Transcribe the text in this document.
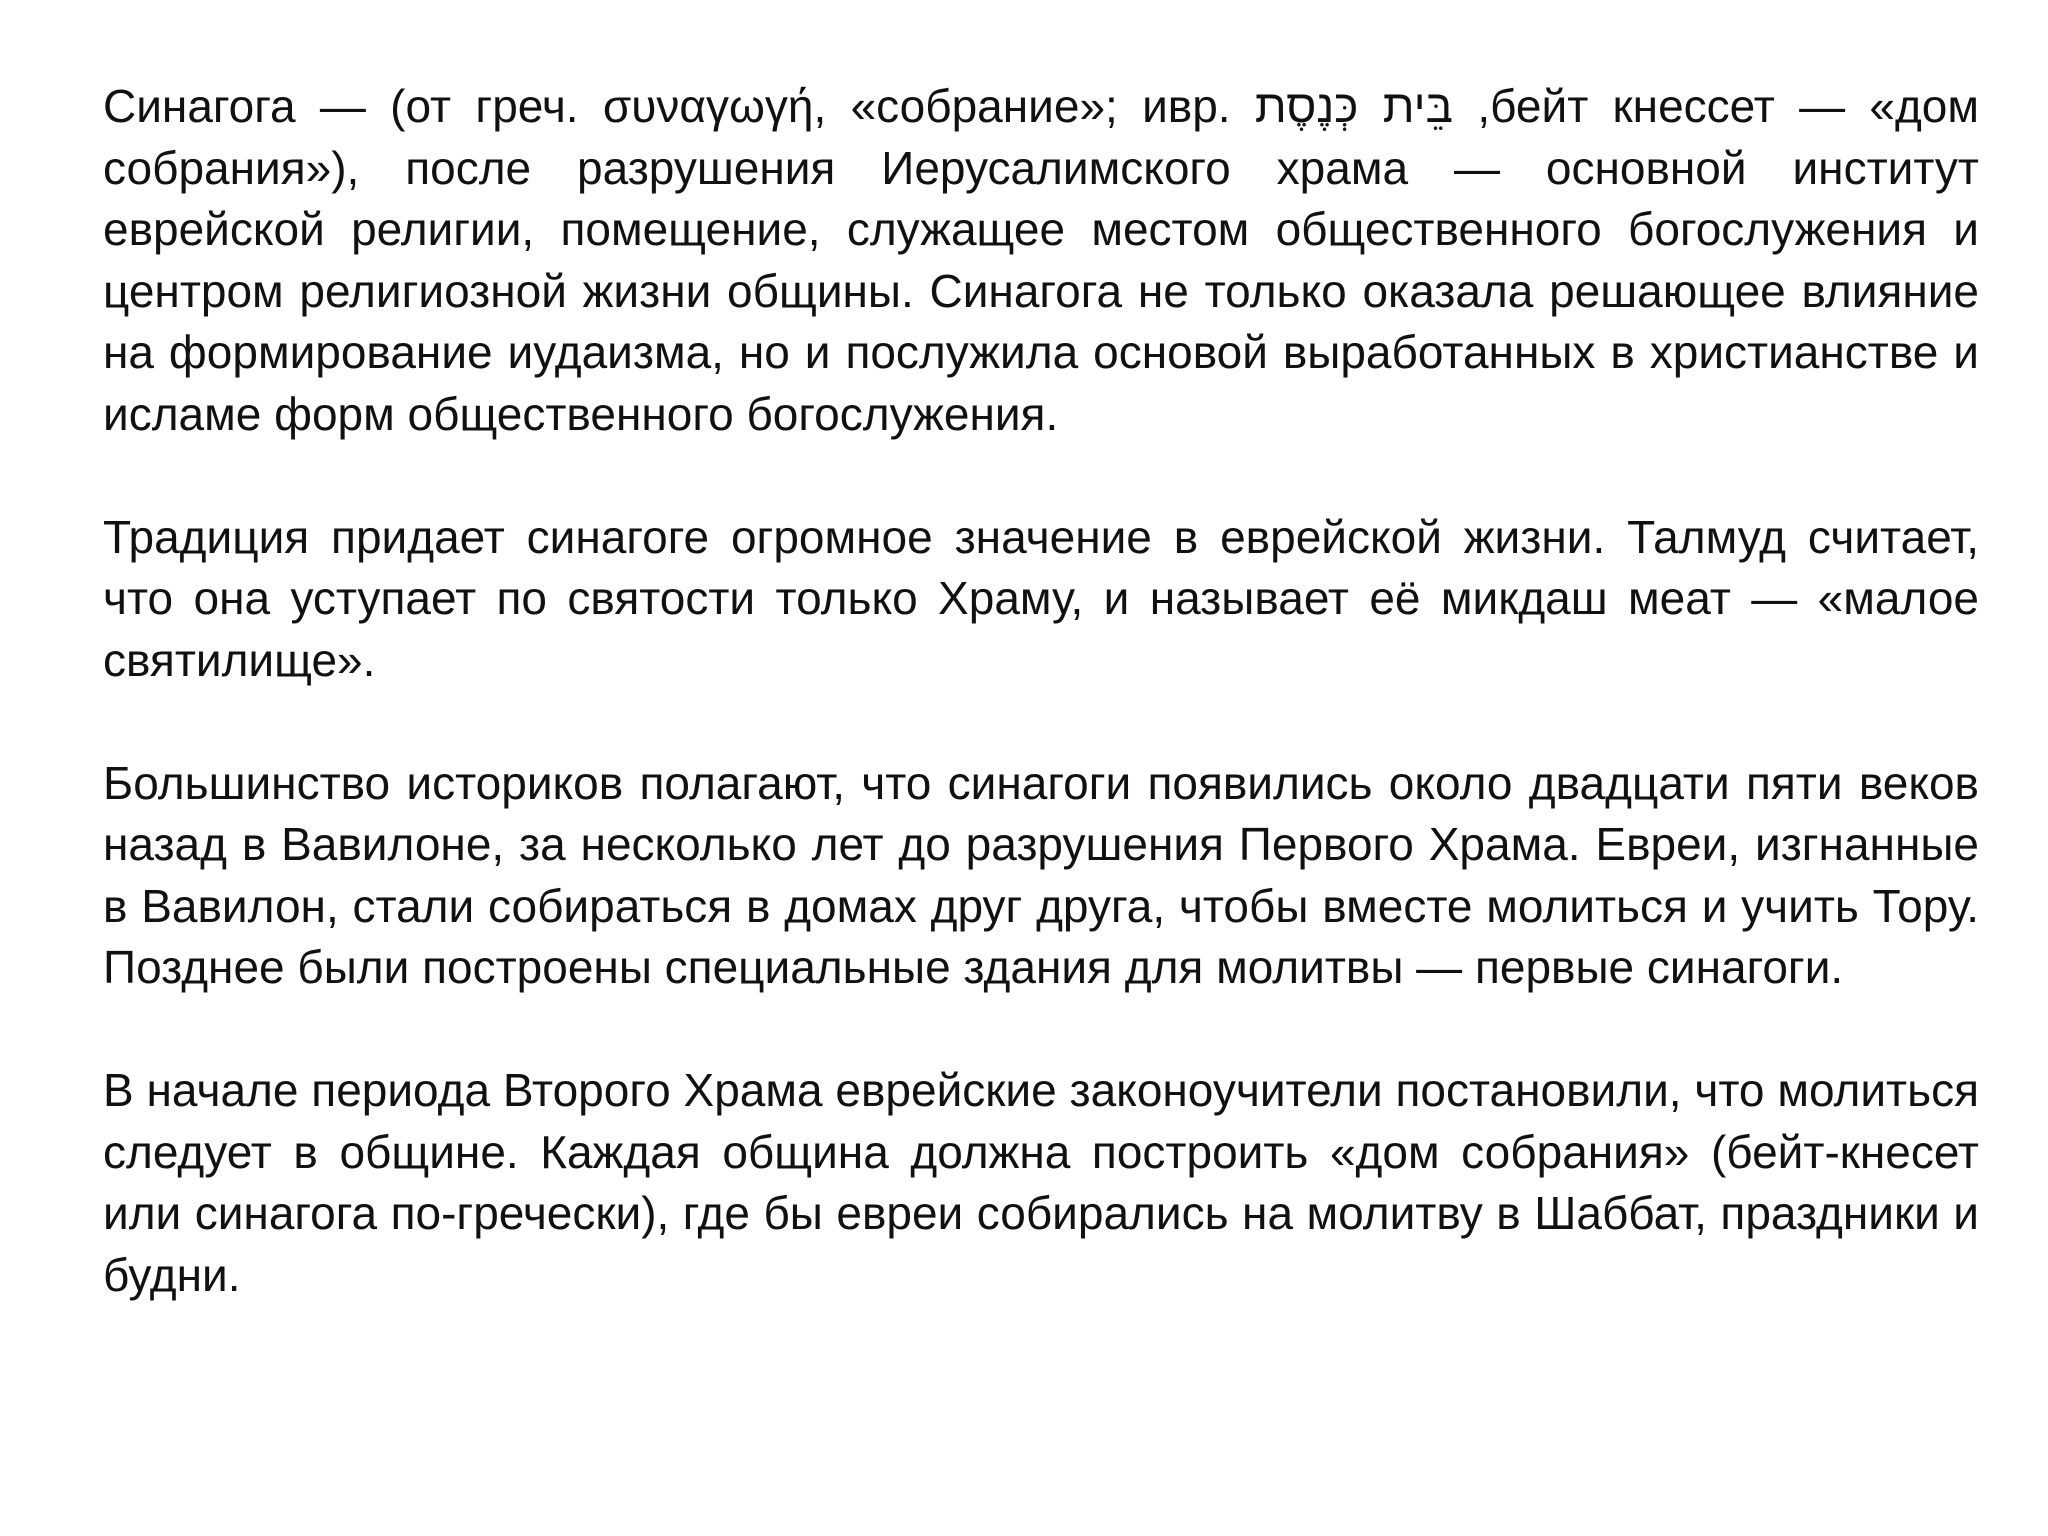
Синагога — (от греч. συναγωγή, «собрание»; ивр. ‏בֵּית כְּנֶסֶת‏ ,бейт кнессет — «дом собрания»), после разрушения Иерусалимского храма — основной институт еврейской религии, помещение, служащее местом общественного богослужения и центром религиозной жизни общины. Синагога не только оказала решающее влияние на формирование иудаизма, но и послужила основой выработанных в христианстве и исламе форм общественного богослужения.

Традиция придает синагоге огромное значение в еврейской жизни. Талмуд считает, что она уступает по святости только Храму, и называет её микдаш меат — «малое святилище».

Большинство историков полагают, что синагоги появились около двадцати пяти веков назад в Вавилоне, за несколько лет до разрушения Первого Храма. Евреи, изгнанные в Вавилон, стали собираться в домах друг друга, чтобы вместе молиться и учить Тору. Позднее были построены специальные здания для молитвы — первые синагоги.

В начале периода Второго Храма еврейские законоучители постановили, что молиться следует в общине. Каждая община должна построить «дом собрания» (бейт-кнесет или синагога по-гречески), где бы евреи собирались на молитву в Шаббат, праздники и будни.
